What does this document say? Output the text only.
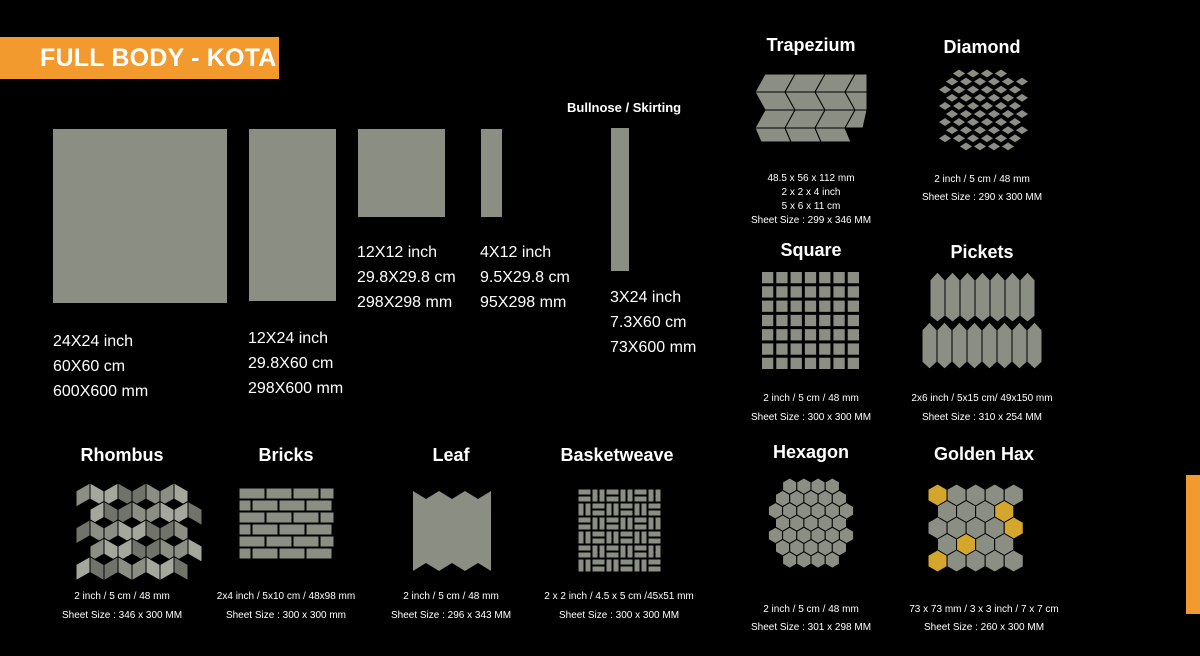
FULL BODY - KOTA
Bullnose / Skirting
24X24 inch
60X60 cm
600X600 mm
12X24 inch
29.8X60 cm
298X600 mm
12X12 inch
29.8X29.8 cm
298X298 mm
4X12 inch
9.5X29.8 cm
95X298 mm	3X24 inch
7.3X60 cm
73X600 mm
Trapezium
48.5 x 56 x 112 mm
2 x 2 x 4 inch
5 x 6 x 11 cm
Sheet Size : 299 x 346 MM
Diamond
2 inch / 5 cm / 48 mm
Sheet Size : 290 x 300 MM
Square
2 inch / 5 cm / 48 mm
Sheet Size : 300 x 300 MM
Pickets
2x6 inch / 5x15 cm/ 49x150 mm
Sheet Size : 310 x 254 MM
Rhombus
2 inch / 5 cm / 48 mm
Sheet Size : 346 x 300 MM
Bricks
2x4 inch / 5x10 cm / 48x98 mm
Sheet Size : 300 x 300 mm
Leaf
2 inch / 5 cm / 48 mm
Sheet Size : 296 x 343 MM
Basketweave
2 x 2 inch / 4.5 x 5 cm /45x51 mm
Sheet Size : 300 x 300 MM
Hexagon
2 inch / 5 cm / 48 mm
Sheet Size : 301 x 298 MM
Golden Hax
73 x 73 mm / 3 x 3 inch / 7 x 7 cm
Sheet Size : 260 x 300 MM
